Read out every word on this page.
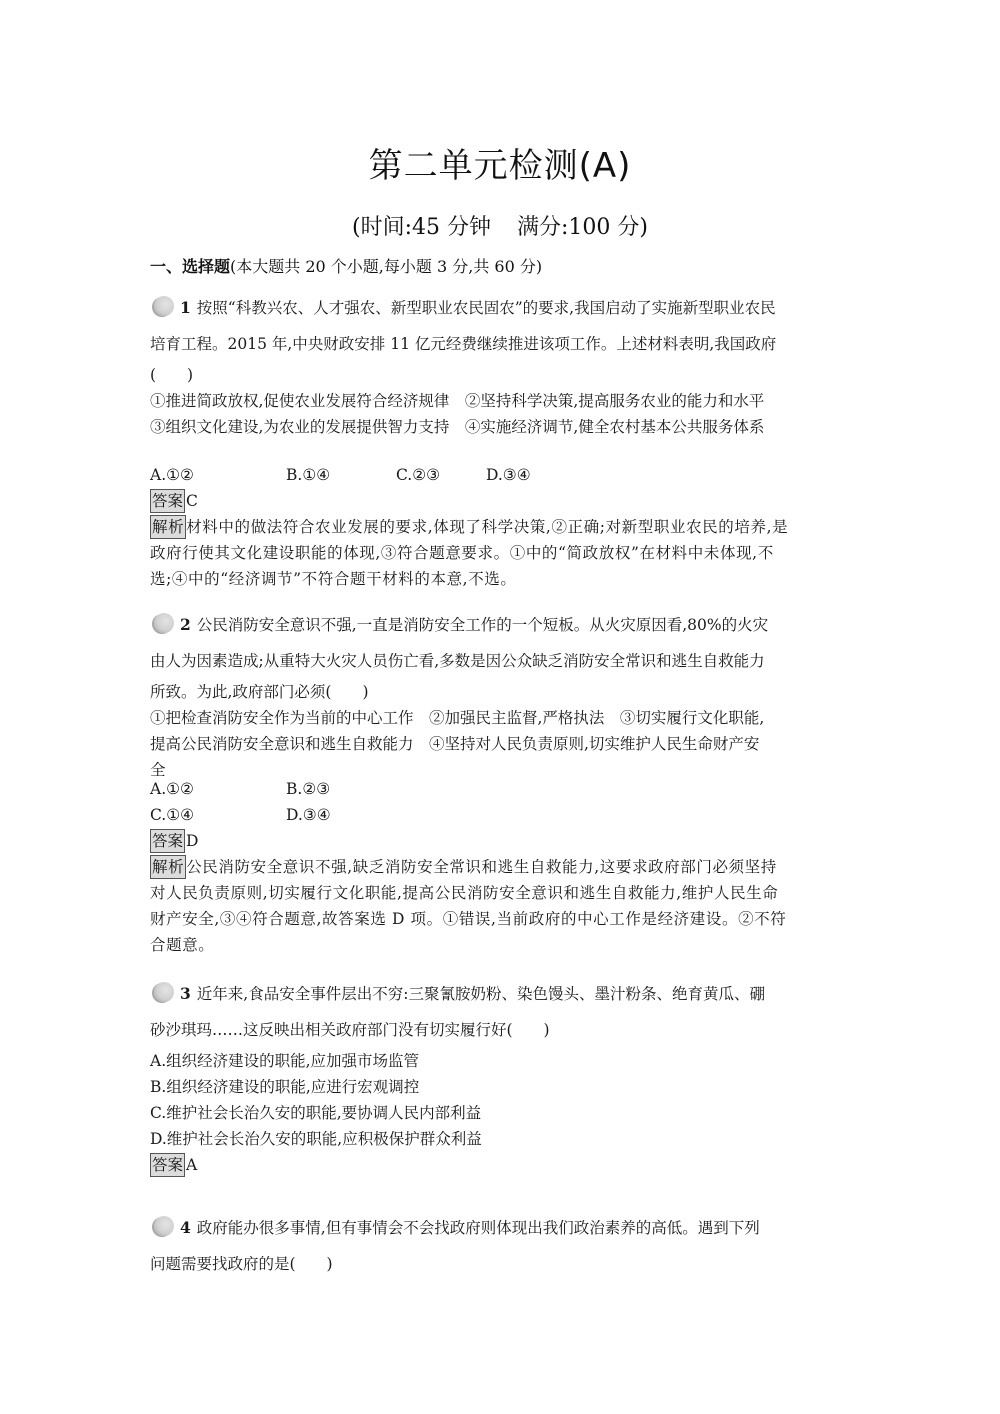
第二单元检测(A)
(时间:45 分钟 满分:100 分)
一、选择题(本大题共 20 个小题,每小题 3 分,共 60 分)
1 按照“科教兴农、人才强农、新型职业农民固农”的要求,我国启动了实施新型职业农民
培育工程。2015 年,中央财政安排 11 亿元经费继续推进该项工作。上述材料表明,我国政府
(　　)
①推进简政放权,促使农业发展符合经济规律　②坚持科学决策,提高服务农业的能力和水平
③组织文化建设,为农业的发展提供智力支持　④实施经济调节,健全农村基本公共服务体系
A.①②	B.①④	C.②③	D.③④
答案 C
解析 材料中的做法符合农业发展的要求,体现了科学决策,②正确;对新型职业农民的培养,是
政府行使其文化建设职能的体现,③符合题意要求。①中的“简政放权”在材料中未体现,不
选;④中的“经济调节”不符合题干材料的本意,不选。
2 公民消防安全意识不强,一直是消防安全工作的一个短板。从火灾原因看,80%的火灾
由人为因素造成;从重特大火灾人员伤亡看,多数是因公众缺乏消防安全常识和逃生自救能力
所致。为此,政府部门必须(　　)
①把检查消防安全作为当前的中心工作　②加强民主监督,严格执法　③切实履行文化职能,
提高公民消防安全意识和逃生自救能力　④坚持对人民负责原则,切实维护人民生命财产安
全
A.①②	B.②③
C.①④	D.③④
答案 D
解析 公民消防安全意识不强,缺乏消防安全常识和逃生自救能力,这要求政府部门必须坚持
对人民负责原则,切实履行文化职能,提高公民消防安全意识和逃生自救能力,维护人民生命
财产安全,③④符合题意,故答案选 D 项。①错误,当前政府的中心工作是经济建设。②不符
合题意。
3 近年来,食品安全事件层出不穷:三聚氰胺奶粉、染色馒头、墨汁粉条、绝育黄瓜、硼
砂沙琪玛……这反映出相关政府部门没有切实履行好(　　)
A.组织经济建设的职能,应加强市场监管
B.组织经济建设的职能,应进行宏观调控
C.维护社会长治久安的职能,要协调人民内部利益
D.维护社会长治久安的职能,应积极保护群众利益
答案 A
4 政府能办很多事情,但有事情会不会找政府则体现出我们政治素养的高低。遇到下列
问题需要找政府的是(　　)
